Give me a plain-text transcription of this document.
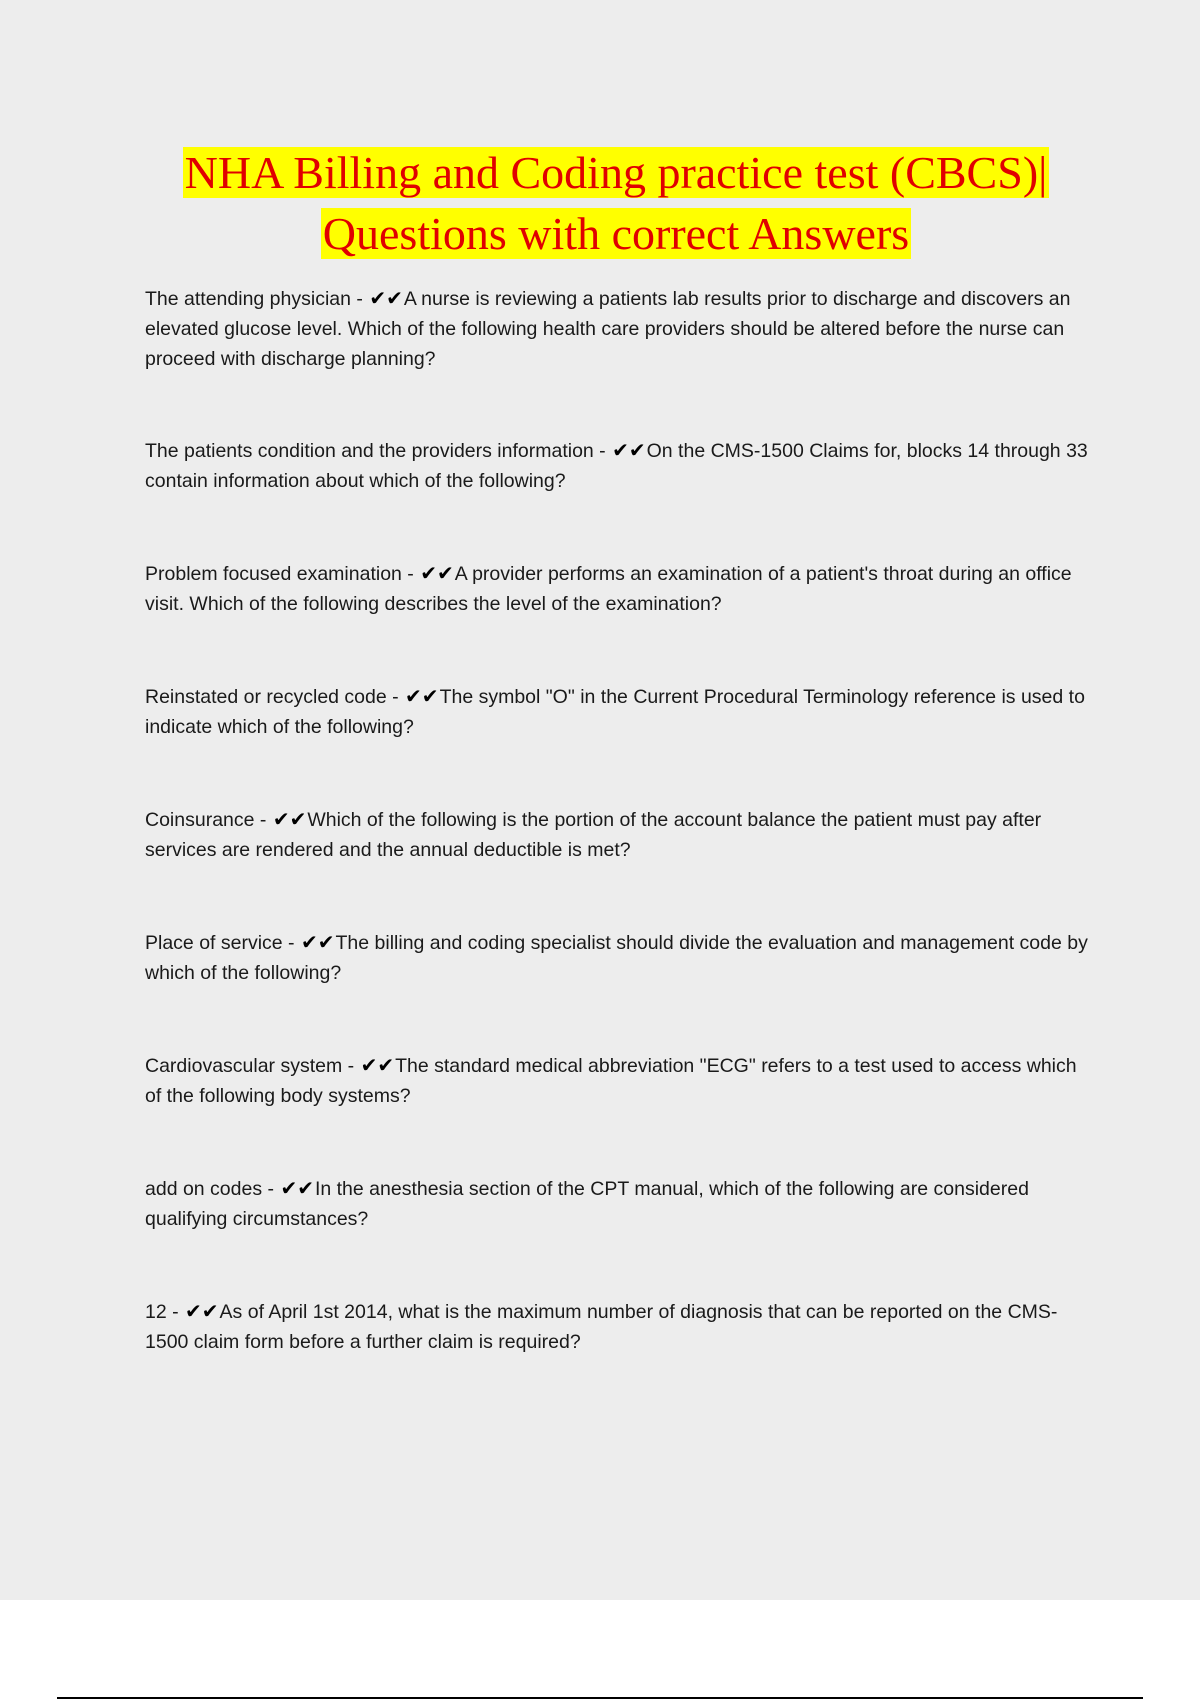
NHA Billing and Coding practice test (CBCS)|
Questions with correct Answers

The attending physician - ✔✔A nurse is reviewing a patients lab results prior to discharge and discovers an elevated glucose level. Which of the following health care providers should be altered before the nurse can proceed with discharge planning?

The patients condition and the providers information - ✔✔On the CMS-1500 Claims for, blocks 14 through 33 contain information about which of the following?

Problem focused examination - ✔✔A provider performs an examination of a patient's throat during an office visit. Which of the following describes the level of the examination?

Reinstated or recycled code - ✔✔The symbol "O" in the Current Procedural Terminology reference is used to indicate which of the following?

Coinsurance - ✔✔Which of the following is the portion of the account balance the patient must pay after services are rendered and the annual deductible is met?

Place of service - ✔✔The billing and coding specialist should divide the evaluation and management code by which of the following?

Cardiovascular system - ✔✔The standard medical abbreviation "ECG" refers to a test used to access which of the following body systems?

add on codes - ✔✔In the anesthesia section of the CPT manual, which of the following are considered qualifying circumstances?

12 - ✔✔As of April 1st 2014, what is the maximum number of diagnosis that can be reported on the CMS-1500 claim form before a further claim is required?
